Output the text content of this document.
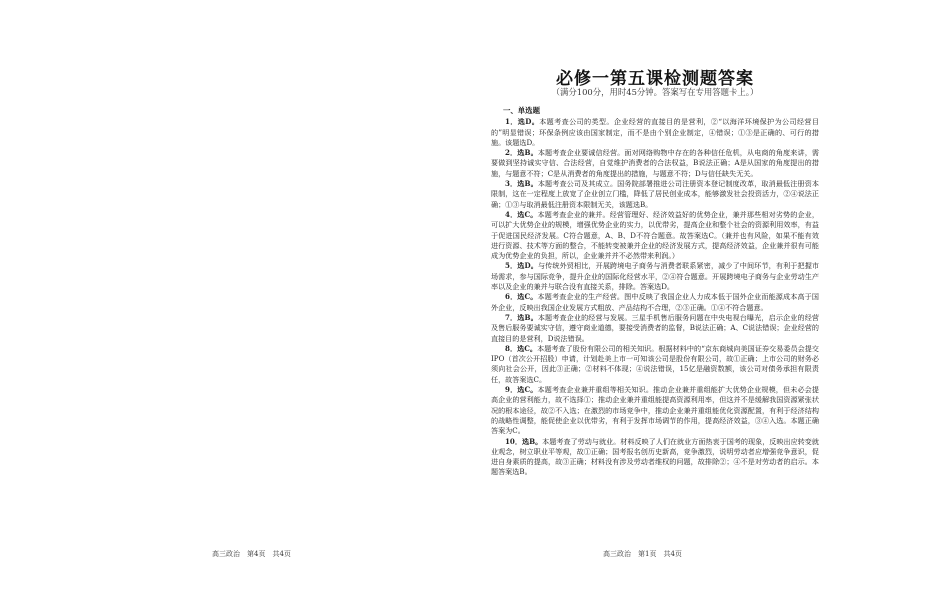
必修一第五课检测题答案
（满分100分，用时45分钟。答案写在专用答题卡上。）
一、单选题

1．选D。本题考查公司的类型。企业经营的直接目的是营利，②“以海洋环境保护为公司经营目的”明显错误；环保条例应该由国家制定，而不是由个别企业制定，④错误；①③是正确的、可行的措施。该题选D。

2．选B。本题考查企业要诚信经营。面对网络购物中存在的各种信任危机，从电商的角度来讲，需要做到坚持诚实守信、合法经营，自觉维护消费者的合法权益，B说法正确；A是从国家的角度提出的措施，与题意不符；C是从消费者的角度提出的措施，与题意不符；D与信任缺失无关。

3．选B。本题考查公司及其成立。国务院部署推进公司注册资本登记制度改革，取消最低注册资本限制，这在一定程度上放宽了企业创立门槛，降低了居民创业成本，能够激发社会投资活力，②④说法正确；①③与取消最低注册资本限制无关，该题选B。

4．选C。本题考查企业的兼并。经营管理好、经济效益好的优势企业，兼并那些相对劣势的企业，可以扩大优势企业的规模，增强优势企业的实力，以优带劣，提高企业和整个社会的资源利用效率，有益于促进国民经济发展。C符合题意，A、B、D不符合题意。故答案选C。（兼并也有风险，如果不能有效进行资源、技术等方面的整合，不能转变被兼并企业的经济发展方式，提高经济效益，企业兼并很有可能成为优势企业的负担，所以，企业兼并并不必然带来利润。）

5．选D。与传统外贸相比，开展跨境电子商务与消费者联系紧密，减少了中间环节，有利于把握市场需求，参与国际竞争，提升企业的国际化经营水平，②④符合题意。开展跨境电子商务与企业劳动生产率以及企业的兼并与联合没有直接关系，排除。答案选D。

6．选C。本题考查企业的生产经营。图中反映了我国企业人力成本低于国外企业而能源成本高于国外企业，反映出我国企业发展方式粗放、产品结构不合理，②③正确。①④不符合题意。

7．选B。本题考查企业的经营与发展。三星手机售后服务问题在中央电视台曝光，启示企业的经营及售后服务要诚实守信，遵守商业道德，要接受消费者的监督，B说法正确；A、C说法错误；企业经营的直接目的是营利，D说法错误。

8．选C。本题考查了股份有限公司的相关知识。根据材料中的“京东商城向美国证券交易委员会提交IPO（首次公开招股）申请，计划赴美上市一可知该公司是股份有限公司，故①正确；上市公司的财务必须向社会公开，因此③正确；②材料不体现；④说法错误，15亿是融资数额，该公司对债务承担有限责任，故答案选C。

9．选C。本题考查企业兼并重组等相关知识。推动企业兼并重组能扩大优势企业规模，但未必会提高企业的营利能力，故不选择①；推动企业兼并重组能提高资源利用率，但这并不是缓解我国资源紧张状况的根本途径，故②不入选；在激烈的市场竞争中，推动企业兼并重组能优化资源配置，有利于经济结构的战略性调整，能促使企业以优带劣，有利于发挥市场调节的作用，提高经济效益，③④入选。本题正确答案为C。

10．选B。本题考查了劳动与就业。材料反映了人们在就业方面热衷于国考的现象，反映出应转变就业观念，树立职业平等观，故①正确；国考报名创历史新高，竞争激烈，说明劳动者应增强竞争意识，促进自身素质的提高，故③正确；材料没有涉及劳动者维权的问题，故排除②；④不是对劳动者的启示。本题答案选B。

高三政治　第4页　共4页	高三政治　第1页　共4页
